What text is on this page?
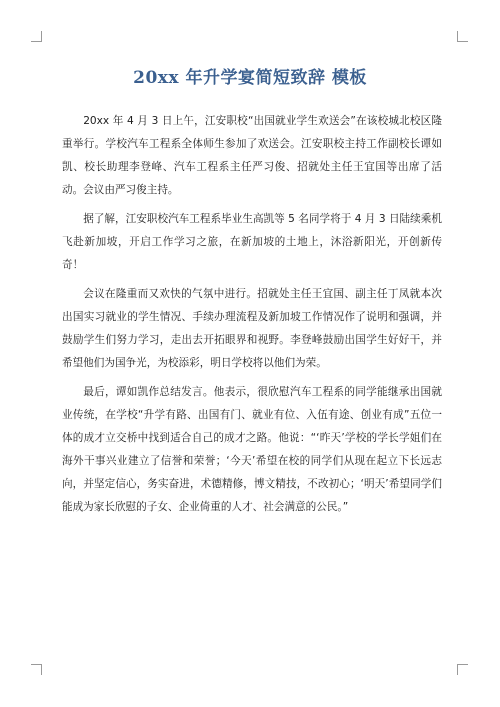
20xx 年升学宴简短致辞 模板

20xx 年 4 月 3 日上午，江安职校“出国就业学生欢送会”在该校城北校区隆重举行。学校汽车工程系全体师生参加了欢送会。江安职校主持工作副校长谭如凯、校长助理李登峰、汽车工程系主任严习俊、招就处主任王宜国等出席了活动。会议由严习俊主持。

据了解，江安职校汽车工程系毕业生高凯等 5 名同学将于 4 月 3 日陆续乘机飞赴新加坡，开启工作学习之旅，在新加坡的土地上，沐浴新阳光，开创新传奇！

会议在隆重而又欢快的气氛中进行。招就处主任王宜国、副主任丁凤就本次出国实习就业的学生情况、手续办理流程及新加坡工作情况作了说明和强调，并鼓励学生们努力学习，走出去开拓眼界和视野。李登峰鼓励出国学生好好干，并希望他们为国争光，为校添彩，明日学校将以他们为荣。

最后，谭如凯作总结发言。他表示，很欣慰汽车工程系的同学能继承出国就业传统，在学校“升学有路、出国有门、就业有位、入伍有途、创业有成”五位一体的成才立交桥中找到适合自己的成才之路。他说：“‘昨天’学校的学长学姐们在海外干事兴业建立了信誉和荣誉；‘今天’希望在校的同学们从现在起立下长远志向，并坚定信心，务实奋进，术德精修，博文精技，不改初心；‘明天’希望同学们能成为家长欣慰的子女、企业倚重的人才、社会满意的公民。”
